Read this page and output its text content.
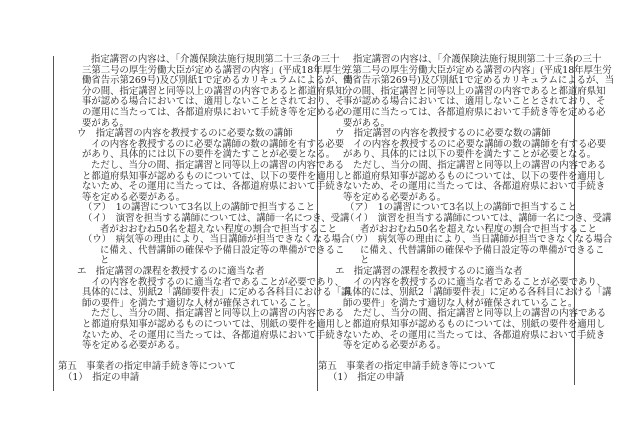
指定講習の内容は、「介護保険法施行規則第二十三条の三十
三第二号の厚生労働大臣が定める講習の内容」(平成18年厚生労
働省告示第269号)及び別紙1で定めるカリキュラムによるが、当
分の間、指定講習と同等以上の講習の内容であると都道府県知
事が認める場合においては、適用しないこととされており、そ
の運用に当たっては、各都道府県において手続き等を定める必
要がある。
ウ　指定講習の内容を教授するのに必要な数の講師
イの内容を教授するのに必要な講師の数の講師を有する必要
があり、具体的には以下の要件を満たすことが必要となる。
ただし、当分の間、指定講習と同等以上の講習の内容である
と都道府県知事が認めるものについては、以下の要件を適用し
ないため、その運用に当たっては、各都道府県において手続き
等を定める必要がある。
（ア）　1の講習について3名以上の講師で担当すること
（イ）　演習を担当する講師については、講師一名につき、受講
者がおおむね50名を超えない程度の割合で担当すること
（ウ）　病気等の理由により、当日講師が担当できなくなる場合
に備え、代替講師の確保や予備日設定等の準備ができるこ
と
エ　指定講習の課程を教授するのに適当な者
イの内容を教授するのに適当な者であることが必要であり、
具体的には、別紙2「講師要件表」に定める各科目における「講
師の要件」を満たす適切な人材が確保されていること。
ただし、当分の間、指定講習と同等以上の講習の内容である
と都道府県知事が認めるものについては、別紙の要件を適用し
ないため、その運用に当たっては、各都道府県において手続き
等を定める必要がある。
第五　事業者の指定申請手続き等について
（1）　指定の申請
指定講習の内容は、「介護保険法施行規則第二十三条の三十
三第二号の厚生労働大臣が定める講習の内容」(平成18年厚生労
働省告示第269号)及び別紙1で定めるカリキュラムによるが、当
分の間、指定講習と同等以上の講習の内容であると都道府県知
事が認める場合においては、適用しないこととされており、そ
の運用に当たっては、各都道府県において手続き等を定める必
要がある。
ウ　指定講習の内容を教授するのに必要な数の講師
イの内容を教授するのに必要な講師の数の講師を有する必要
があり、具体的には以下の要件を満たすことが必要となる。
ただし、当分の間、指定講習と同等以上の講習の内容である
と都道府県知事が認めるものについては、以下の要件を適用し
ないため、その運用に当たっては、各都道府県において手続き
等を定める必要がある。
（ア）　1の講習について3名以上の講師で担当すること
（イ）　演習を担当する講師については、講師一名につき、受講
者がおおむね50名を超えない程度の割合で担当すること
（ウ）　病気等の理由により、当日講師が担当できなくなる場合
に備え、代替講師の確保や予備日設定等の準備ができるこ
と
エ　指定講習の課程を教授するのに適当な者
イの内容を教授するのに適当な者であることが必要であり、
具体的には、別紙2「講師要件表」に定める各科目における「講
師の要件」を満たす適切な人材が確保されていること。
ただし、当分の間、指定講習と同等以上の講習の内容である
と都道府県知事が認めるものについては、別紙の要件を適用し
ないため、その運用に当たっては、各都道府県において手続き
等を定める必要がある。
第五　事業者の指定申請手続き等について
（1）　指定の申請
